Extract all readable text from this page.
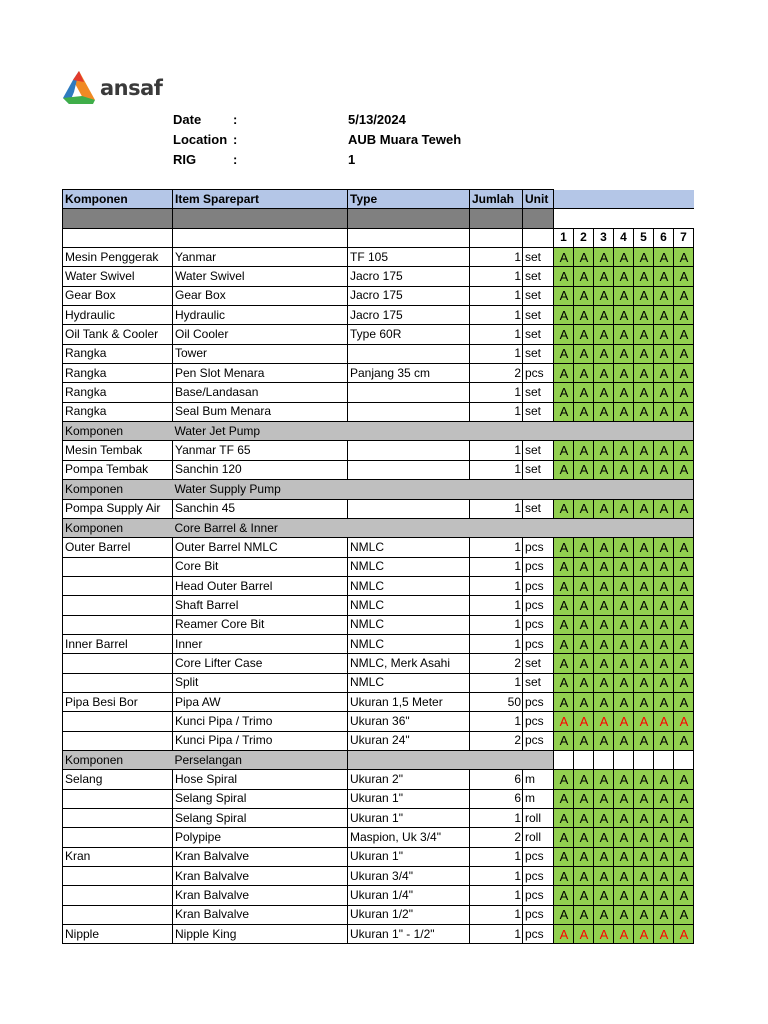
ansaf
Date :	5/13/2024
Location :	AUB Muara Teweh
RIG	:	1
Komponen	Item Sparepart	Type	Jumlah	Unit							

					1	2	3	4	5	6	7
Mesin Penggerak	Yanmar	TF 105	1	set	A	A	A	A	A	A	A
Water Swivel	Water Swivel	Jacro 175	1	set	A	A	A	A	A	A	A
Gear Box	Gear Box	Jacro 175	1	set	A	A	A	A	A	A	A
Hydraulic	Hydraulic	Jacro 175	1	set	A	A	A	A	A	A	A
Oil Tank & Cooler	Oil Cooler	Type 60R	1	set	A	A	A	A	A	A	A
Rangka	Tower		1	set	A	A	A	A	A	A	A
Rangka	Pen Slot Menara	Panjang 35 cm	2	pcs	A	A	A	A	A	A	A
Rangka	Base/Landasan		1	set	A	A	A	A	A	A	A
Rangka	Seal Bum Menara		1	set	A	A	A	A	A	A	A
Komponen	Water Jet Pump										
Mesin Tembak	Yanmar TF 65		1	set	A	A	A	A	A	A	A
Pompa Tembak	Sanchin 120		1	set	A	A	A	A	A	A	A
Komponen	Water Supply Pump										
Pompa Supply Air	Sanchin 45		1	set	A	A	A	A	A	A	A
Komponen	Core Barrel & Inner										
Outer Barrel	Outer Barrel NMLC	NMLC	1	pcs	A	A	A	A	A	A	A
	Core Bit	NMLC	1	pcs	A	A	A	A	A	A	A
	Head Outer Barrel	NMLC	1	pcs	A	A	A	A	A	A	A
	Shaft Barrel	NMLC	1	pcs	A	A	A	A	A	A	A
	Reamer Core Bit	NMLC	1	pcs	A	A	A	A	A	A	A
Inner Barrel	Inner	NMLC	1	pcs	A	A	A	A	A	A	A
	Core Lifter Case	NMLC, Merk Asahi	2	set	A	A	A	A	A	A	A
	Split	NMLC	1	set	A	A	A	A	A	A	A
Pipa Besi Bor	Pipa AW	Ukuran 1,5 Meter	50	pcs	A	A	A	A	A	A	A
	Kunci Pipa / Trimo	Ukuran 36"	1	pcs	A	A	A	A	A	A	A
	Kunci Pipa / Trimo	Ukuran 24"	2	pcs	A	A	A	A	A	A	A
Komponen	Perselangan										
Selang	Hose Spiral	Ukuran 2"	6	m	A	A	A	A	A	A	A
	Selang Spiral	Ukuran 1"	6	m	A	A	A	A	A	A	A
	Selang Spiral	Ukuran 1"	1	roll	A	A	A	A	A	A	A
	Polypipe	Maspion, Uk 3/4"	2	roll	A	A	A	A	A	A	A
Kran	Kran Balvalve	Ukuran 1"	1	pcs	A	A	A	A	A	A	A
	Kran Balvalve	Ukuran 3/4"	1	pcs	A	A	A	A	A	A	A
	Kran Balvalve	Ukuran 1/4"	1	pcs	A	A	A	A	A	A	A
	Kran Balvalve	Ukuran 1/2"	1	pcs	A	A	A	A	A	A	A
Nipple	Nipple King	Ukuran 1" - 1/2"	1	pcs	A	A	A	A	A	A	A
